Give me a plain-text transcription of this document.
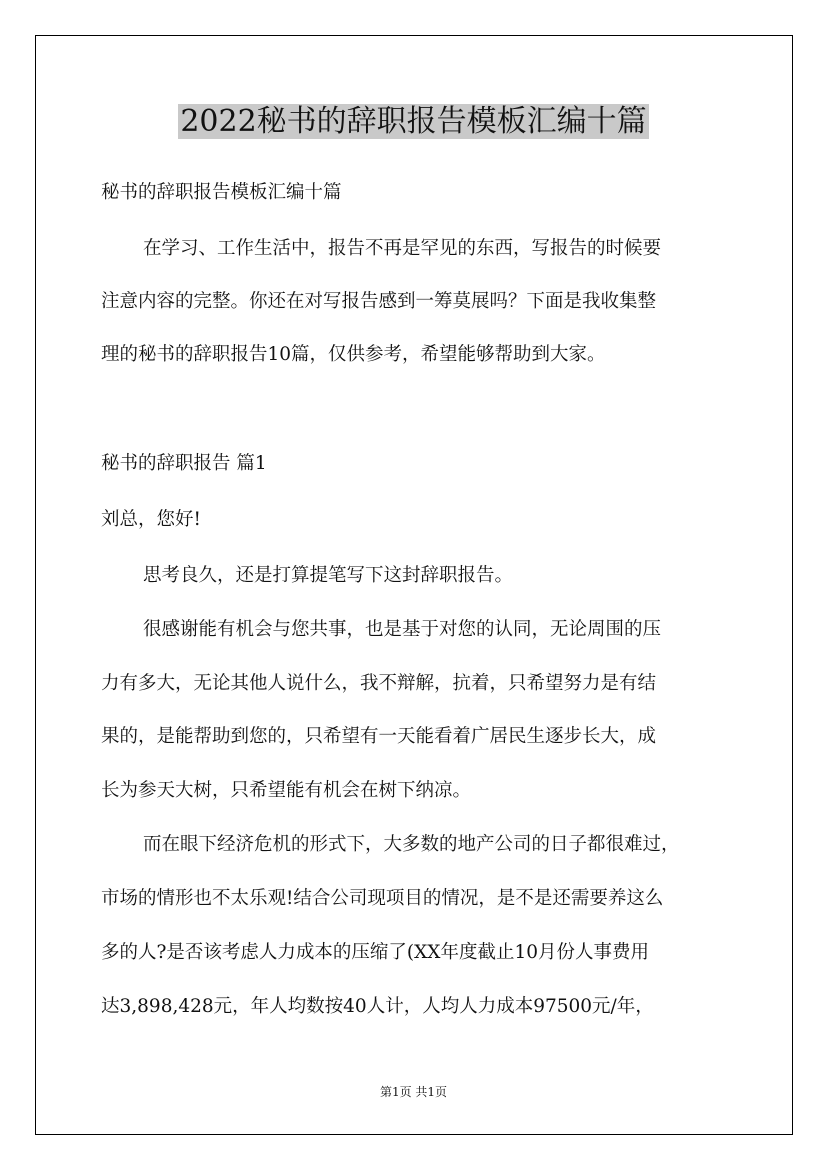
2022秘书的辞职报告模板汇编十篇
秘书的辞职报告模板汇编十篇
在学习、工作生活中，报告不再是罕见的东西，写报告的时候要
注意内容的完整。你还在对写报告感到一筹莫展吗？下面是我收集整
理的秘书的辞职报告10篇，仅供参考，希望能够帮助到大家。
秘书的辞职报告 篇1
刘总，您好!
思考良久，还是打算提笔写下这封辞职报告。
很感谢能有机会与您共事，也是基于对您的认同，无论周围的压
力有多大，无论其他人说什么，我不辩解，抗着，只希望努力是有结
果的，是能帮助到您的，只希望有一天能看着广居民生逐步长大，成
长为参天大树，只希望能有机会在树下纳凉。
而在眼下经济危机的形式下，大多数的地产公司的日子都很难过，
市场的情形也不太乐观!结合公司现项目的情况，是不是还需要养这么
多的人?是否该考虑人力成本的压缩了(XX年度截止10月份人事费用
达3,898,428元，年人均数按40人计，人均人力成本97500元/年，
第1页 共1页
